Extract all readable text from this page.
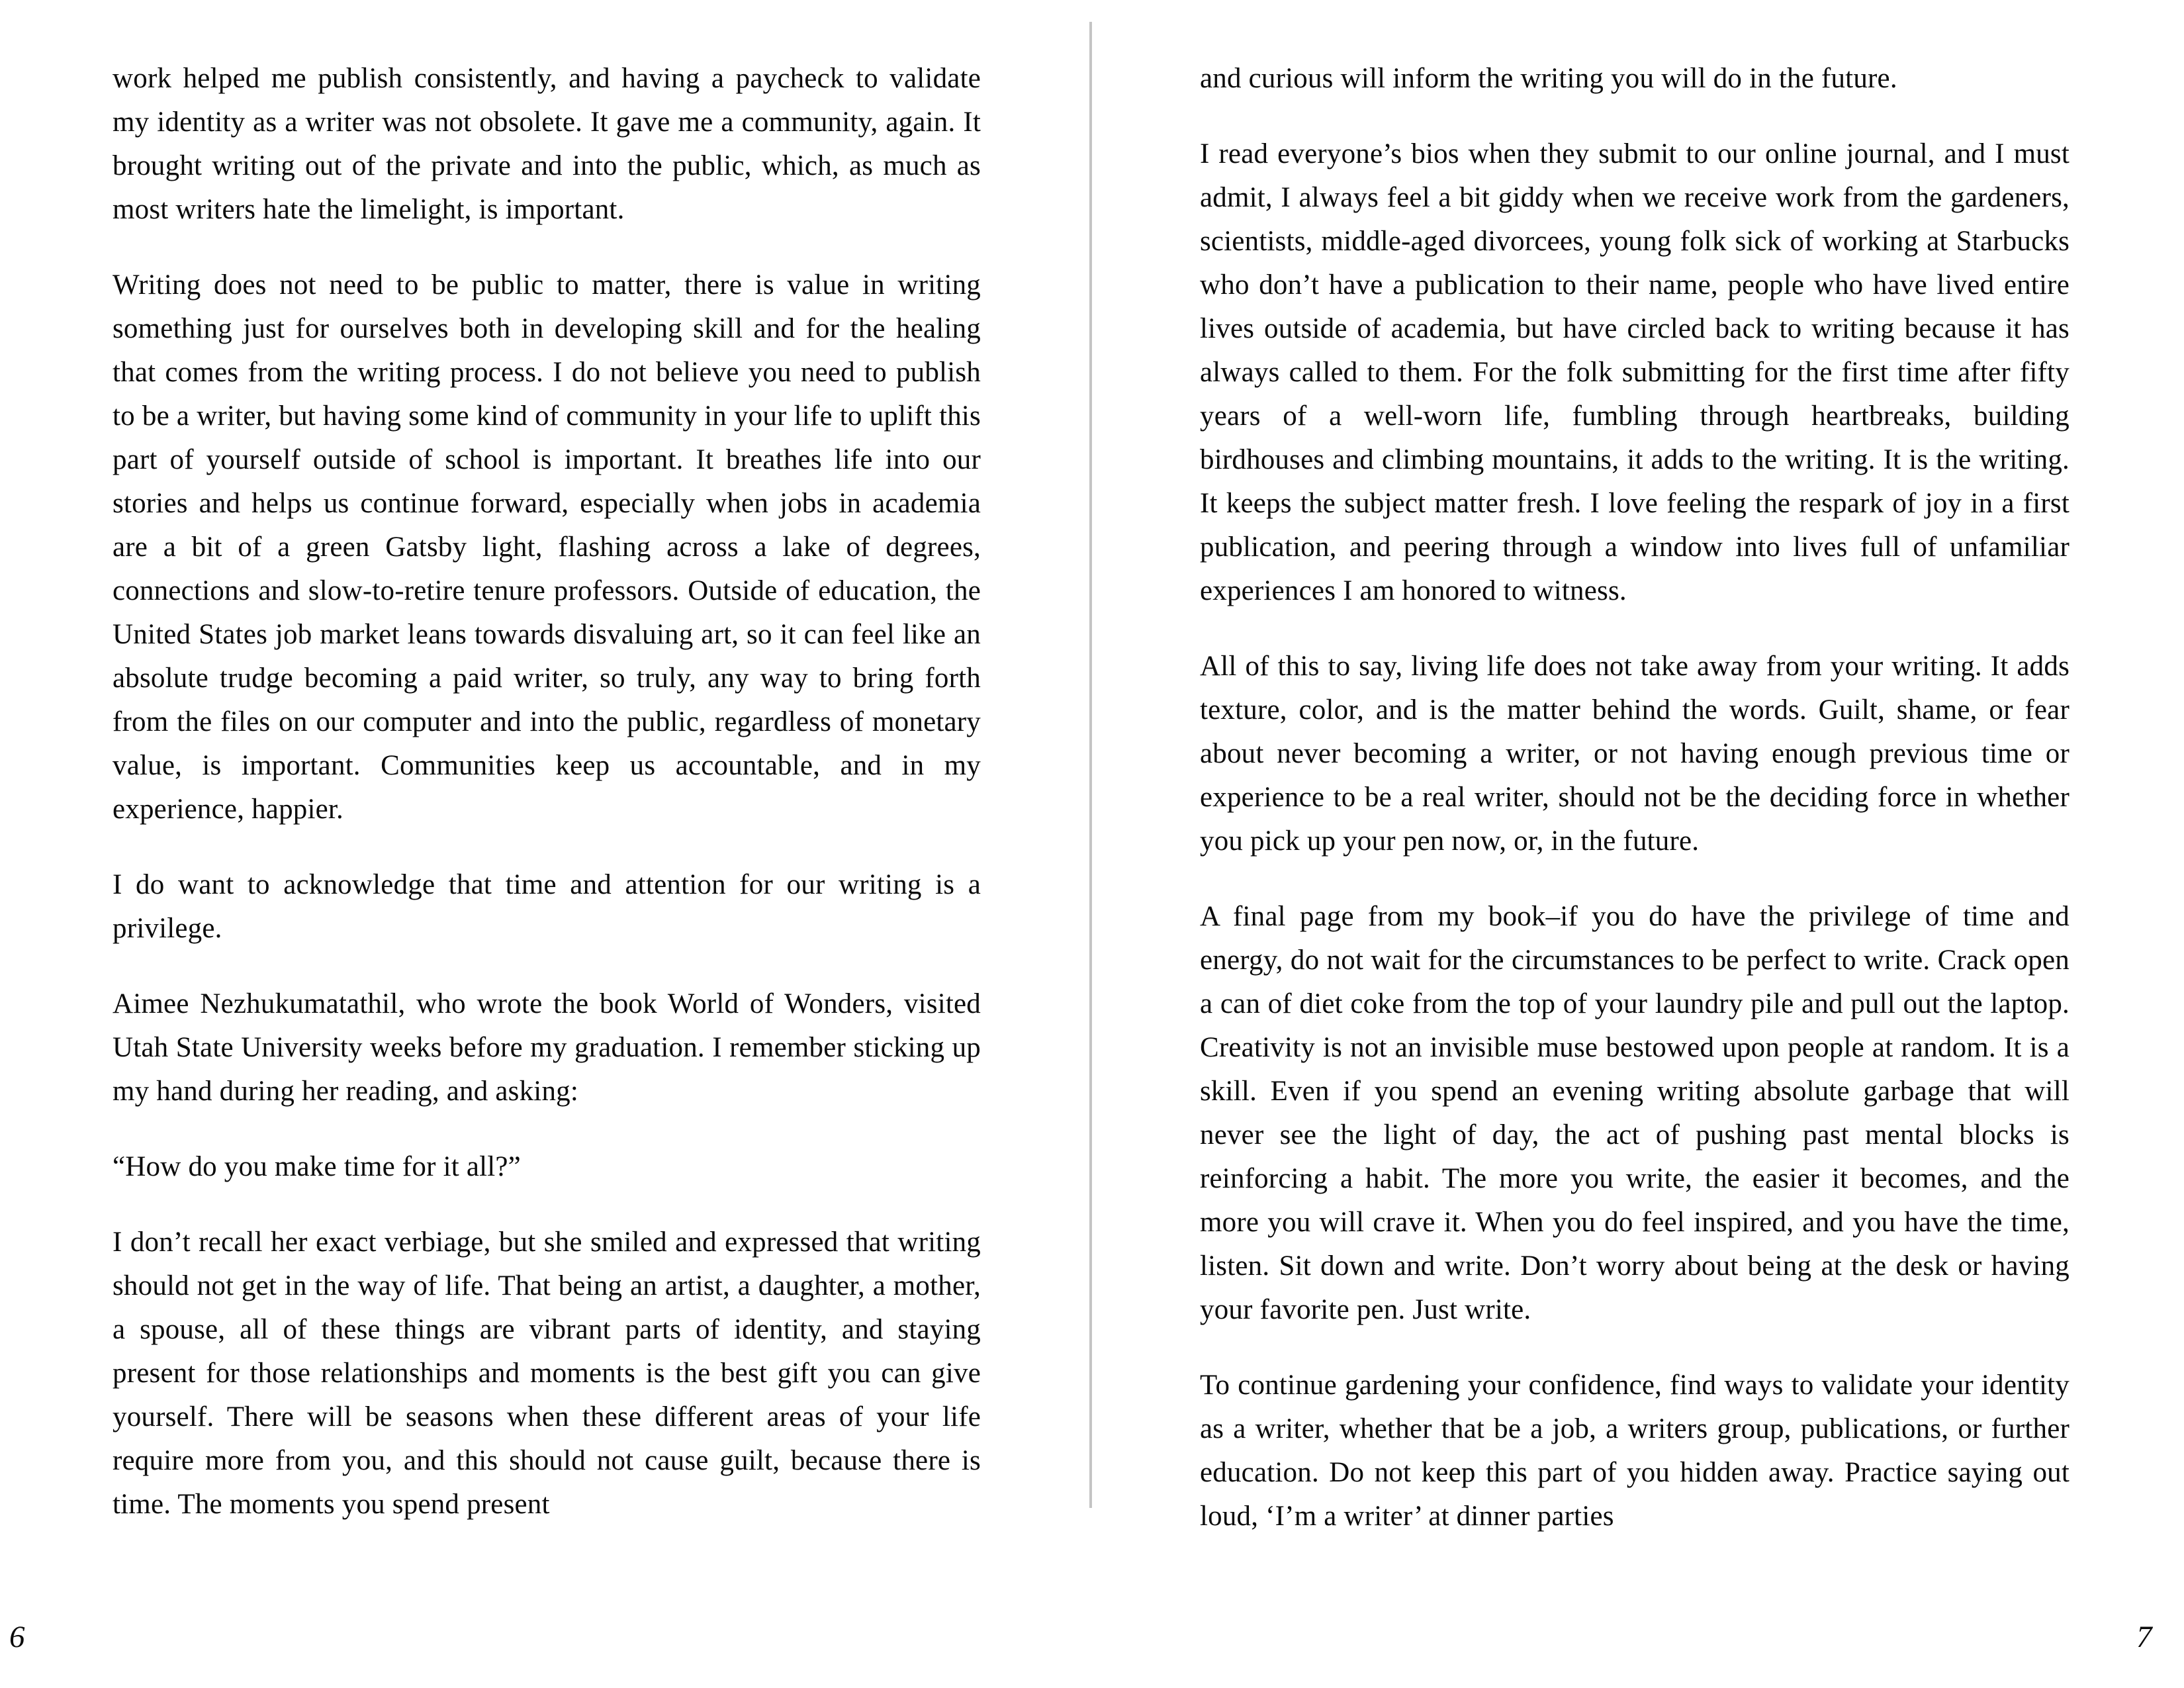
work helped me publish consistently, and having a paycheck to validate my identity as a writer was not obsolete. It gave me a community, again. It brought writing out of the private and into the public, which, as much as most writers hate the limelight, is important.

Writing does not need to be public to matter, there is value in writing something just for ourselves both in developing skill and for the healing that comes from the writing process. I do not believe you need to publish to be a writer, but having some kind of community in your life to uplift this part of yourself outside of school is important. It breathes life into our stories and helps us continue forward, especially when jobs in academia are a bit of a green Gatsby light, flashing across a lake of degrees, connections and slow-to-retire tenure professors. Outside of education, the United States job market leans towards disvaluing art, so it can feel like an absolute trudge becoming a paid writer, so truly, any way to bring forth from the files on our computer and into the public, regardless of monetary value, is important. Communities keep us accountable, and in my experience, happier.

I do want to acknowledge that time and attention for our writing is a privilege.

Aimee Nezhukumatathil, who wrote the book World of Wonders, visited Utah State University weeks before my graduation. I remember sticking up my hand during her reading, and asking:

“How do you make time for it all?”

I don’t recall her exact verbiage, but she smiled and expressed that writing should not get in the way of life. That being an artist, a daughter, a mother, a spouse, all of these things are vibrant parts of identity, and staying present for those relationships and moments is the best gift you can give yourself. There will be seasons when these different areas of your life require more from you, and this should not cause guilt, because there is time. The moments you spend present

6

and curious will inform the writing you will do in the future.

I read everyone’s bios when they submit to our online journal, and I must admit, I always feel a bit giddy when we receive work from the gardeners, scientists, middle-aged divorcees, young folk sick of working at Starbucks who don’t have a publication to their name, people who have lived entire lives outside of academia, but have circled back to writing because it has always called to them. For the folk submitting for the first time after fifty years of a well-worn life, fumbling through heartbreaks, building birdhouses and climbing mountains, it adds to the writing. It is the writing. It keeps the subject matter fresh. I love feeling the respark of joy in a first publication, and peering through a window into lives full of unfamiliar experiences I am honored to witness.

All of this to say, living life does not take away from your writing. It adds texture, color, and is the matter behind the words. Guilt, shame, or fear about never becoming a writer, or not having enough previous time or experience to be a real writer, should not be the deciding force in whether you pick up your pen now, or, in the future.

A final page from my book–if you do have the privilege of time and energy, do not wait for the circumstances to be perfect to write. Crack open a can of diet coke from the top of your laundry pile and pull out the laptop. Creativity is not an invisible muse bestowed upon people at random. It is a skill. Even if you spend an evening writing absolute garbage that will never see the light of day, the act of pushing past mental blocks is reinforcing a habit. The more you write, the easier it becomes, and the more you will crave it. When you do feel inspired, and you have the time, listen. Sit down and write. Don’t worry about being at the desk or having your favorite pen. Just write.

To continue gardening your confidence, find ways to validate your identity as a writer, whether that be a job, a writers group, publications, or further education. Do not keep this part of you hidden away. Practice saying out loud, ‘I’m a writer’ at dinner parties

7
